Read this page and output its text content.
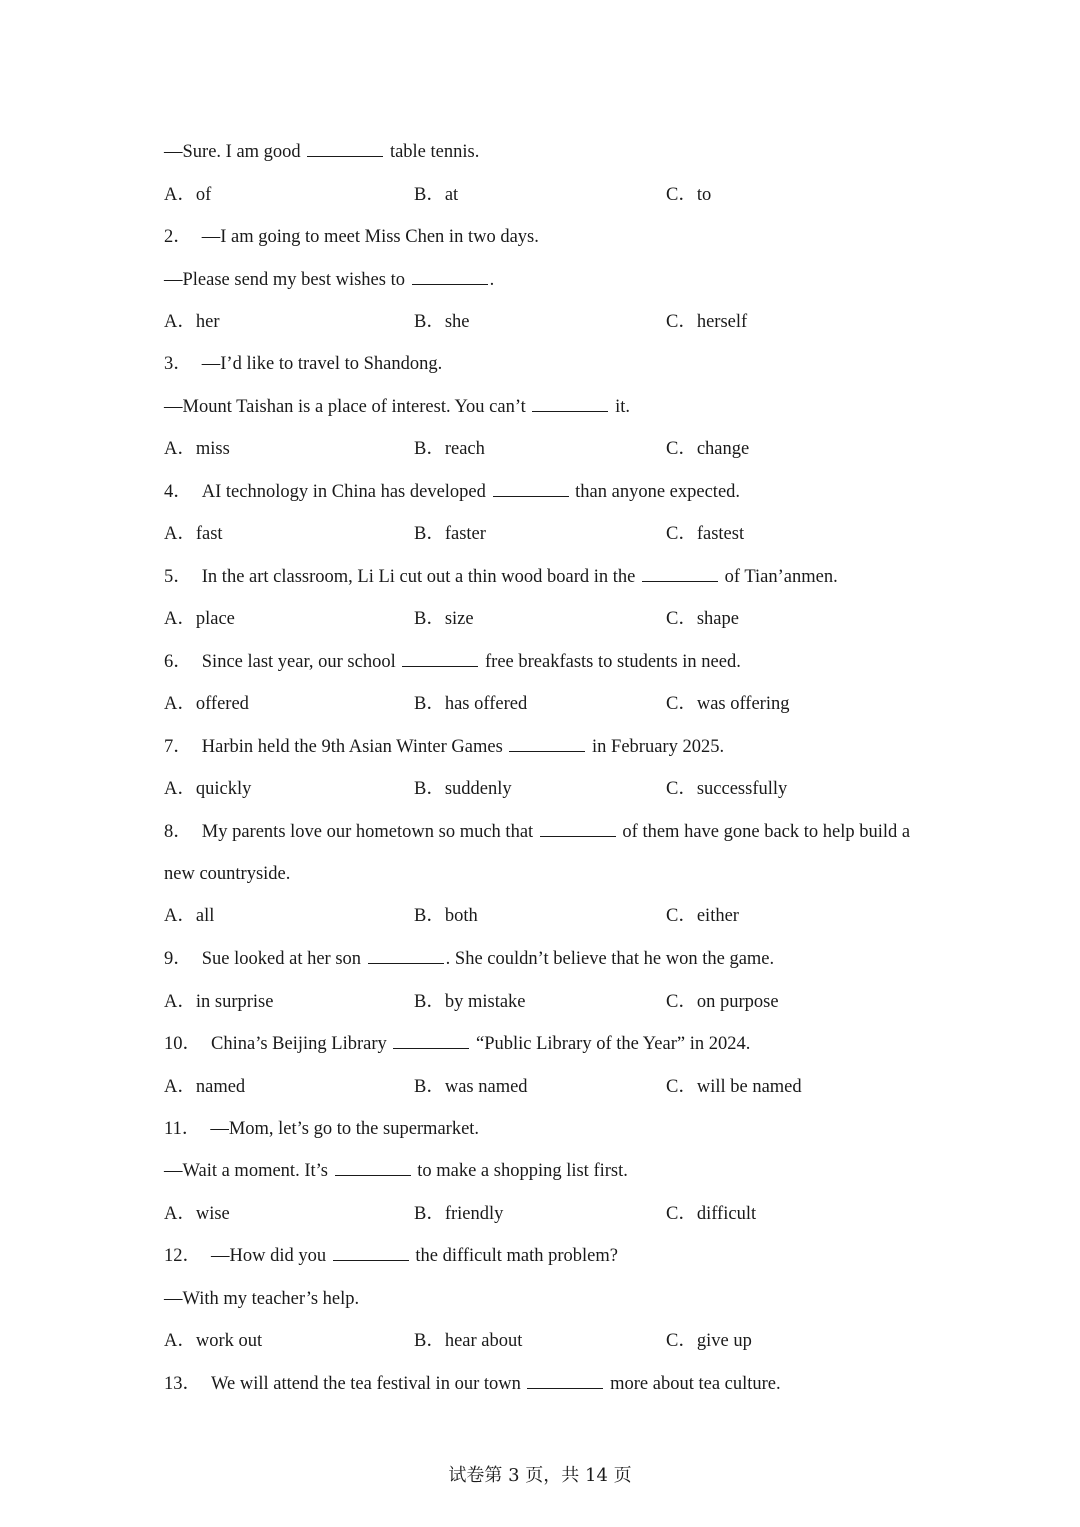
—Sure. I am good	table tennis.
A．of	B．at	C．to
2． —I am going to meet Miss Chen in two days.
—Please send my best wishes to	.
A．her	B．she	C．herself
3． —I’d like to travel to Shandong.
—Mount Taishan is a place of interest. You can’t	it.
A．miss	B．reach	C．change
4． AI technology in China has developed	than anyone expected.
A．fast	B．faster	C．fastest
5． In the art classroom, Li Li cut out a thin wood board in the	of Tian’anmen.
A．place	B．size	C．shape
6． Since last year, our school	free breakfasts to students in need.
A．offered	B．has offered	C．was offering
7． Harbin held the 9th Asian Winter Games	in February 2025.
A．quickly	B．suddenly	C．successfully
8． My parents love our hometown so much that	of them have gone back to help build a
new countryside.
A．all	B．both	C．either
9． Sue looked at her son	. She couldn’t believe that he won the game.
A．in surprise	B．by mistake	C．on purpose
10． China’s Beijing Library	“Public Library of the Year” in 2024.
A．named	B．was named	C．will be named
11． —Mom, let’s go to the supermarket.
—Wait a moment. It’s	to make a shopping list first.
A．wise	B．friendly	C．difficult
12． —How did you	the difficult math problem?
—With my teacher’s help.
A．work out	B．hear about	C．give up
13． We will attend the tea festival in our town	more about tea culture.
试卷第 3 页，共 14 页
